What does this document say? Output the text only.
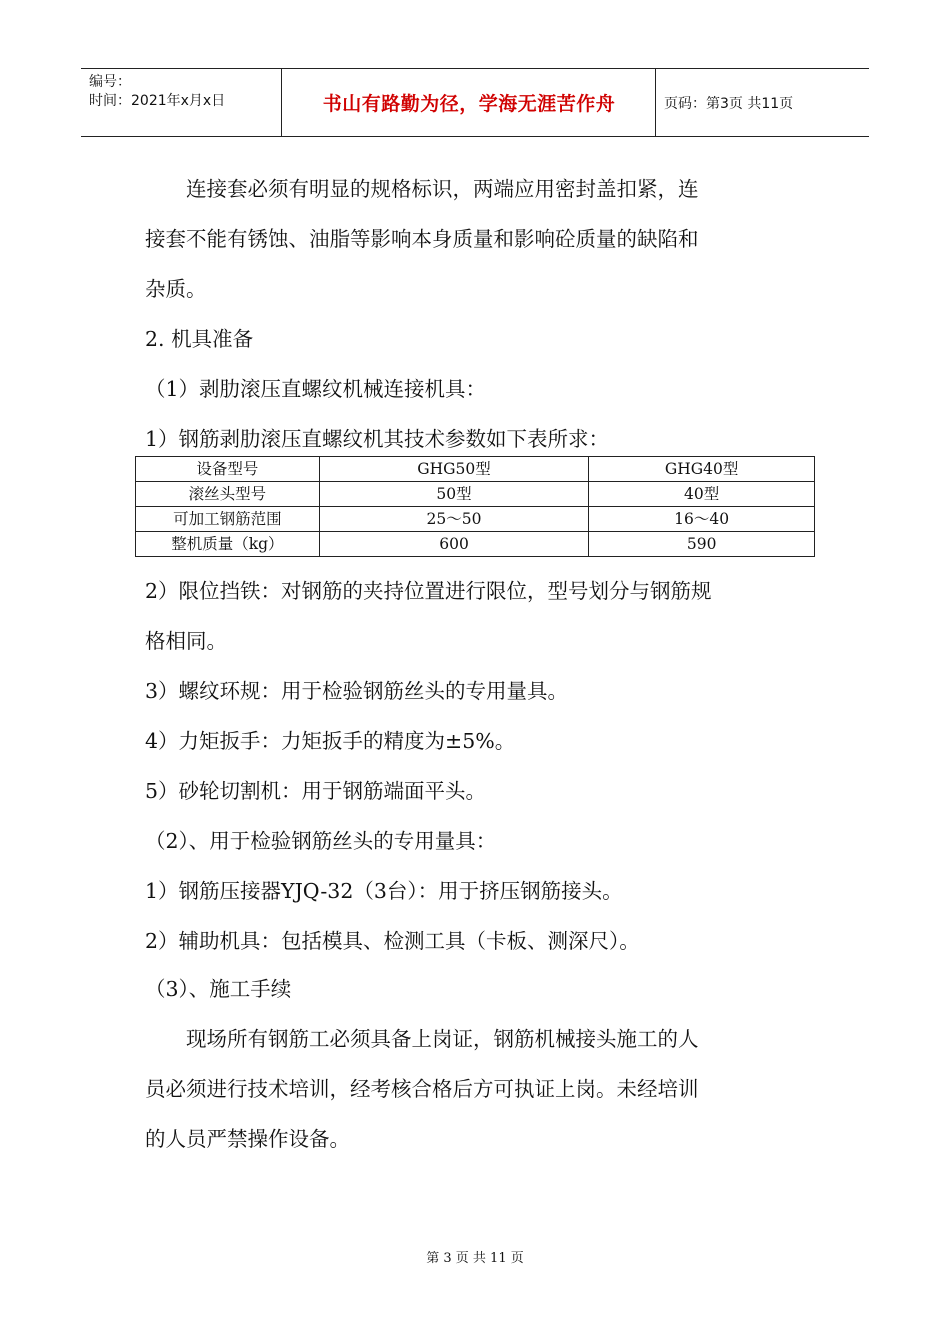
编号：
时间：2021年x月x日	书山有路勤为径，学海无涯苦作舟	页码：第3页 共11页
连接套必须有明显的规格标识，两端应用密封盖扣紧，连
接套不能有锈蚀、油脂等影响本身质量和影响砼质量的缺陷和
杂质。
2. 机具准备
（1）剥肋滚压直螺纹机械连接机具：
1）钢筋剥肋滚压直螺纹机其技术参数如下表所求：
设备型号	GHG50型	GHG40型
滚丝头型号	50型	40型
可加工钢筋范围	25～50	16～40
整机质量（kg）	600	590
2）限位挡铁：对钢筋的夹持位置进行限位，型号划分与钢筋规
格相同。
3）螺纹环规：用于检验钢筋丝头的专用量具。
4）力矩扳手：力矩扳手的精度为±5%。
5）砂轮切割机：用于钢筋端面平头。
（2）、用于检验钢筋丝头的专用量具：
1）钢筋压接器YJQ-32（3台）：用于挤压钢筋接头。
2）辅助机具：包括模具、检测工具（卡板、测深尺）。
（3）、施工手续
现场所有钢筋工必须具备上岗证，钢筋机械接头施工的人
员必须进行技术培训，经考核合格后方可执证上岗。未经培训
的人员严禁操作设备。
第 3 页 共 11 页
